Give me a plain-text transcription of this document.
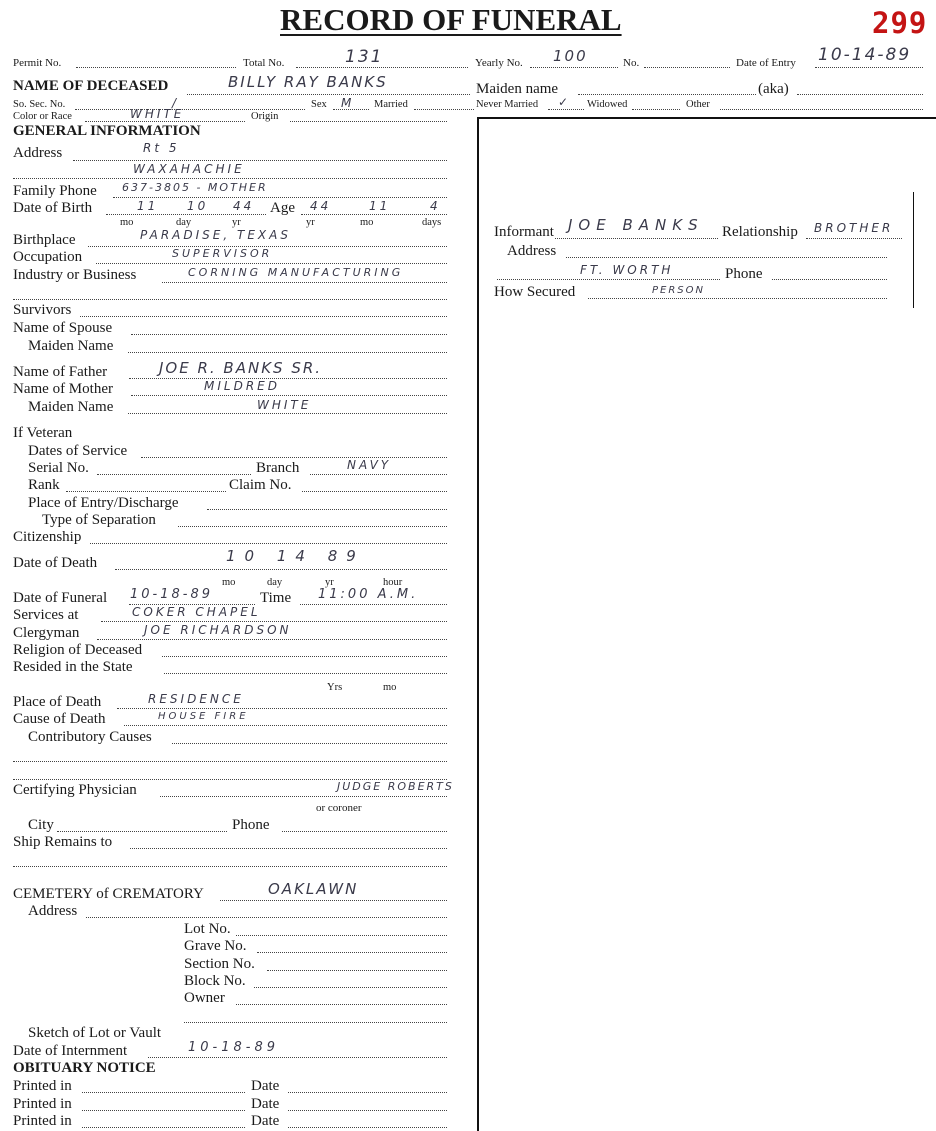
RECORD OF FUNERAL	299
Permit No.	Total No.	131	Yearly No. 100	No.	Date of Entry 10-14-89
NAME OF DECEASED	BILLY RAY BANKS	Maiden name	(aka)
So. Sec. No.	/	Sex M Married	Never Married ✓ Widowed	Other
Color or Race	WHITE	Origin
GENERAL INFORMATION
Address	Rt 5
WAXAHACHIE
Family Phone 637-3805 - MOTHER
Date of Birth	11 10 44 Age 44	11	4
mo	day	yr	yr	mo	days
Birthplace	PARADISE, TEXAS
Occupation	SUPERVISOR
Industry or Business	CORNING MANUFACTURING
Survivors
Name of Spouse
Maiden Name
Name of Father	JOE R. BANKS SR.
Name of Mother	MILDRED
Maiden Name	WHITE
If Veteran
Dates of Service
Serial No.	Branch	NAVY
Rank	Claim No.
Place of Entry/Discharge
Type of Separation
Citizenship
Date of Death	10 14 89
mo	day	yr	hour
Date of Funeral 10-18-89	Time 11:00 A.M.
Services at	COKER CHAPEL
Clergyman	JOE RICHARDSON
Religion of Deceased
Resided in the State
Yrs	mo
Place of Death	RESIDENCE
Cause of Death	HOUSE FIRE
Contributory Causes
Certifying Physician	JUDGE ROBERTS
or coroner
City	Phone
Ship Remains to
CEMETERY of CREMATORY	OAKLAWN
Address
Lot No.
Grave No.
Section No.
Block No.
Owner
Sketch of Lot or Vault
Date of Internment	10-18-89
OBITUARY NOTICE
Printed in	Date
Printed in	Date
Printed in	Date
Informant JOE BANKS Relationship BROTHER
Address
FT. WORTH	Phone
How Secured	PERSON
